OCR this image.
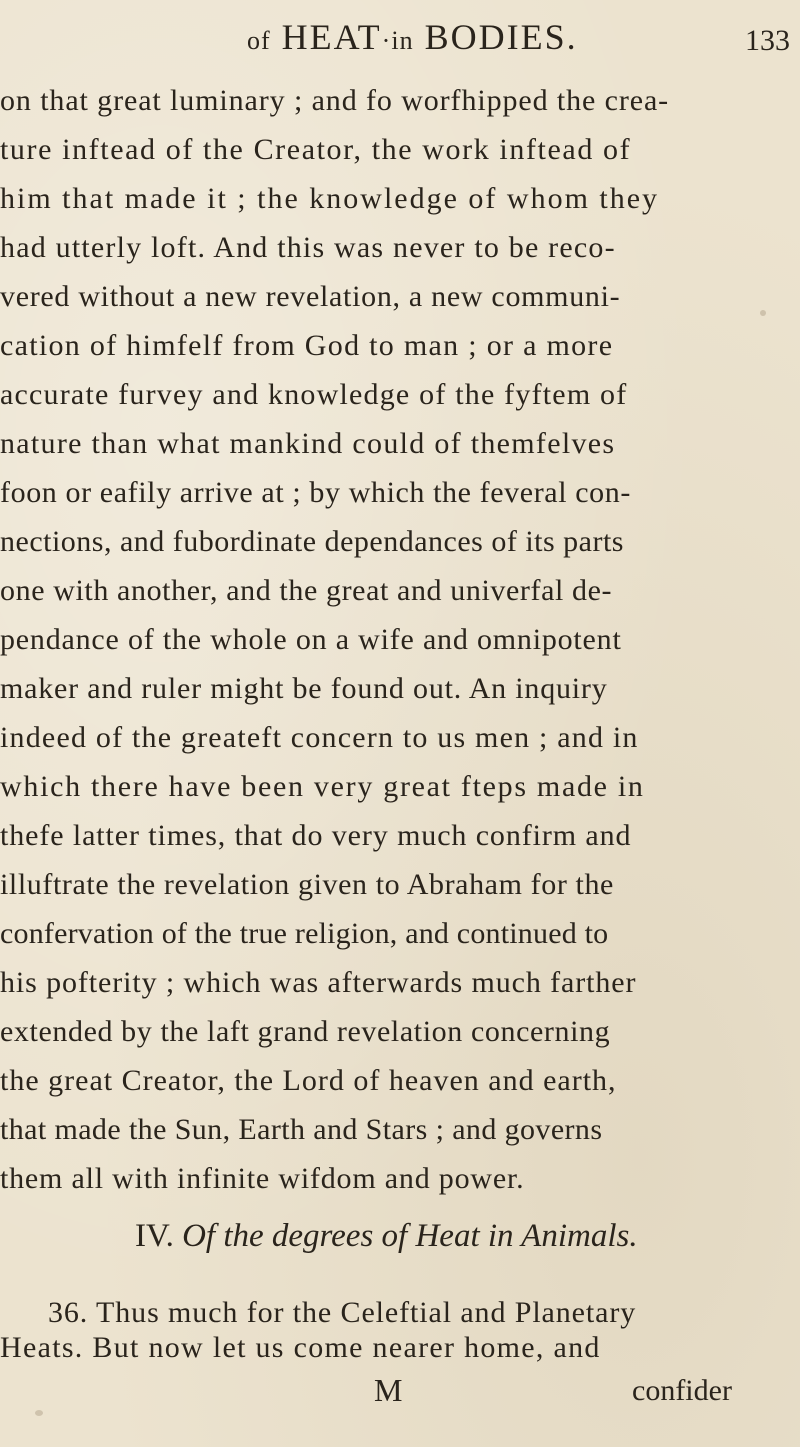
of HEAT·in BODIES.	133
on that great luminary ; and fo worfhipped the crea-
ture inftead of the Creator, the work inftead of
him that made it ; the knowledge of whom they
had utterly loft. And this was never to be reco-
vered without a new revelation, a new communi-
cation of himfelf from God to man ; or a more
accurate furvey and knowledge of the fyftem of
nature than what mankind could of themfelves
foon or eafily arrive at ; by which the feveral con-
nections, and fubordinate dependances of its parts
one with another, and the great and univerfal de-
pendance of the whole on a wife and omnipotent
maker and ruler might be found out. An inquiry
indeed of the greateft concern to us men ; and in
which there have been very great fteps made in
thefe latter times, that do very much confirm and
illuftrate the revelation given to Abraham for the
confervation of the true religion, and continued to
his pofterity ; which was afterwards much farther
extended by the laft grand revelation concerning
the great Creator, the Lord of heaven and earth,
that made the Sun, Earth and Stars ; and governs
them all with infinite wifdom and power.
IV. Of the degrees of Heat in Animals.
36. Thus much for the Celeftial and Planetary
Heats. But now let us come nearer home, and
M	confider
